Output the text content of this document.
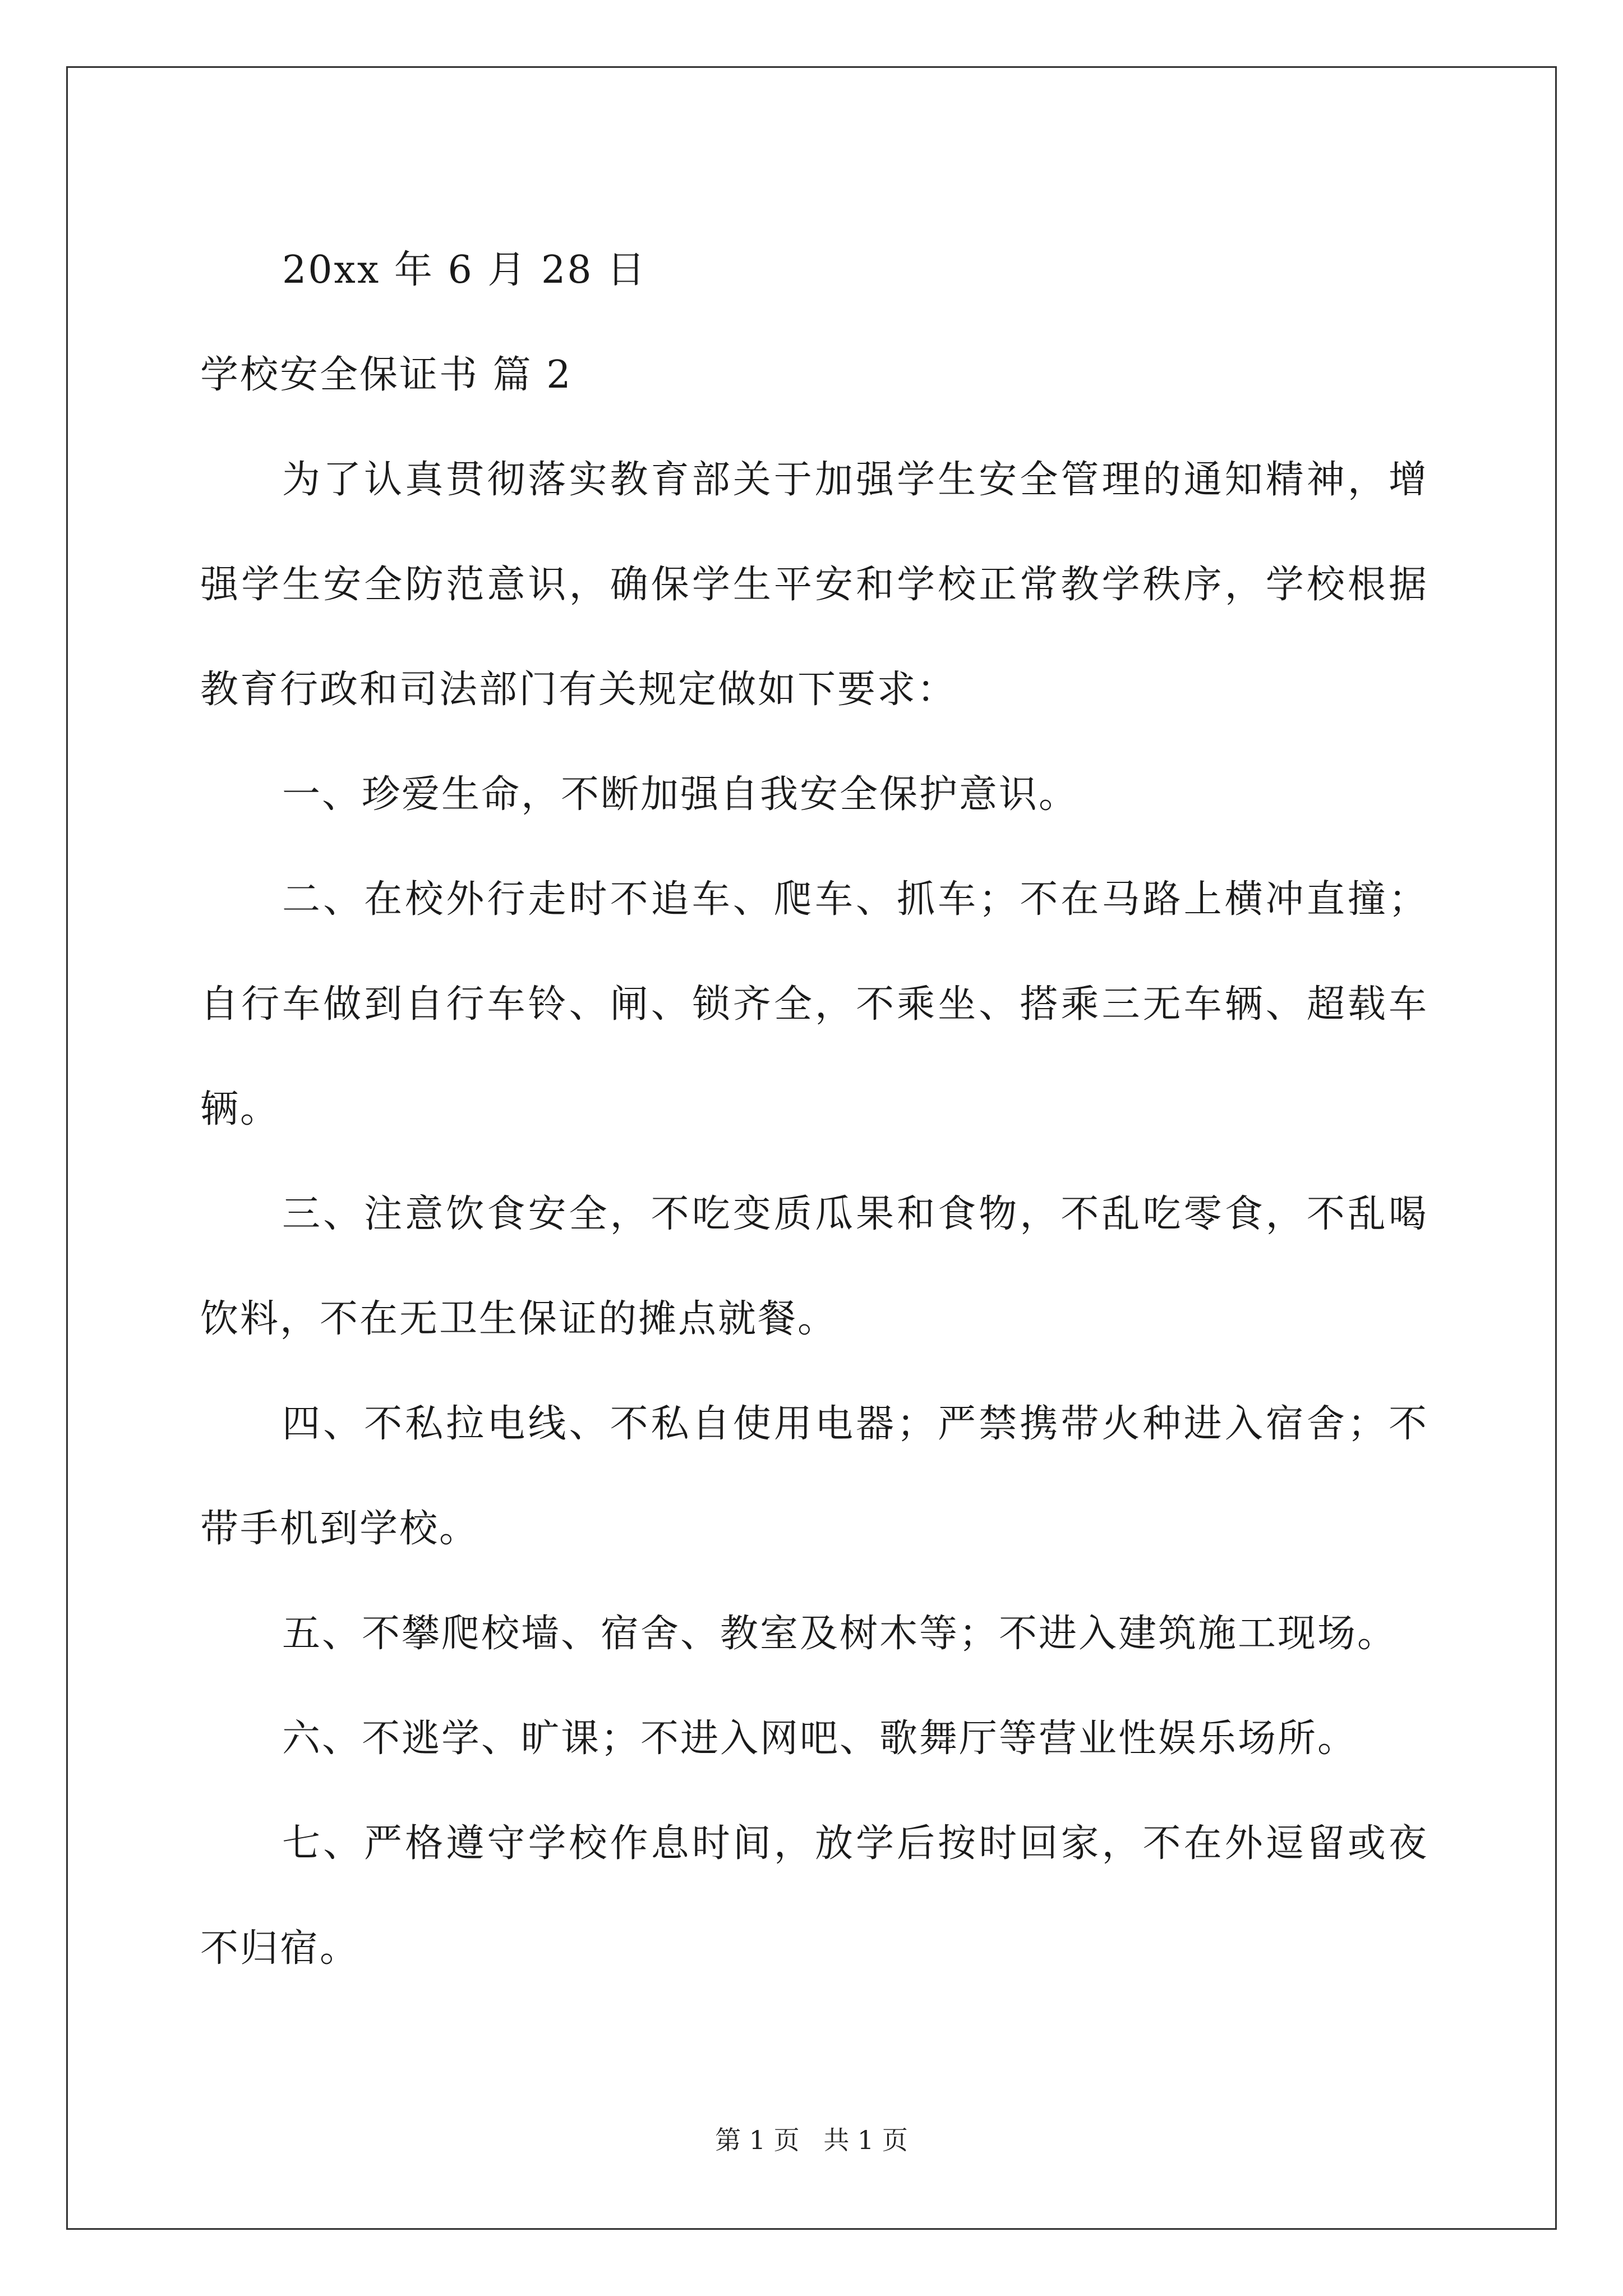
20xx 年 6 月 28 日
学校安全保证书 篇 2
为了认真贯彻落实教育部关于加强学生安全管理的通知精神，增
强学生安全防范意识，确保学生平安和学校正常教学秩序，学校根据
教育行政和司法部门有关规定做如下要求：
一、珍爱生命，不断加强自我安全保护意识。
二、在校外行走时不追车、爬车、抓车；不在马路上横冲直撞；
自行车做到自行车铃、闸、锁齐全，不乘坐、搭乘三无车辆、超载车
辆。
三、注意饮食安全，不吃变质瓜果和食物，不乱吃零食，不乱喝
饮料，不在无卫生保证的摊点就餐。
四、不私拉电线、不私自使用电器；严禁携带火种进入宿舍；不
带手机到学校。
五、不攀爬校墙、宿舍、教室及树木等；不进入建筑施工现场。
六、不逃学、旷课；不进入网吧、歌舞厅等营业性娱乐场所。
七、严格遵守学校作息时间，放学后按时回家，不在外逗留或夜
不归宿。
第 1 页 共 1 页
